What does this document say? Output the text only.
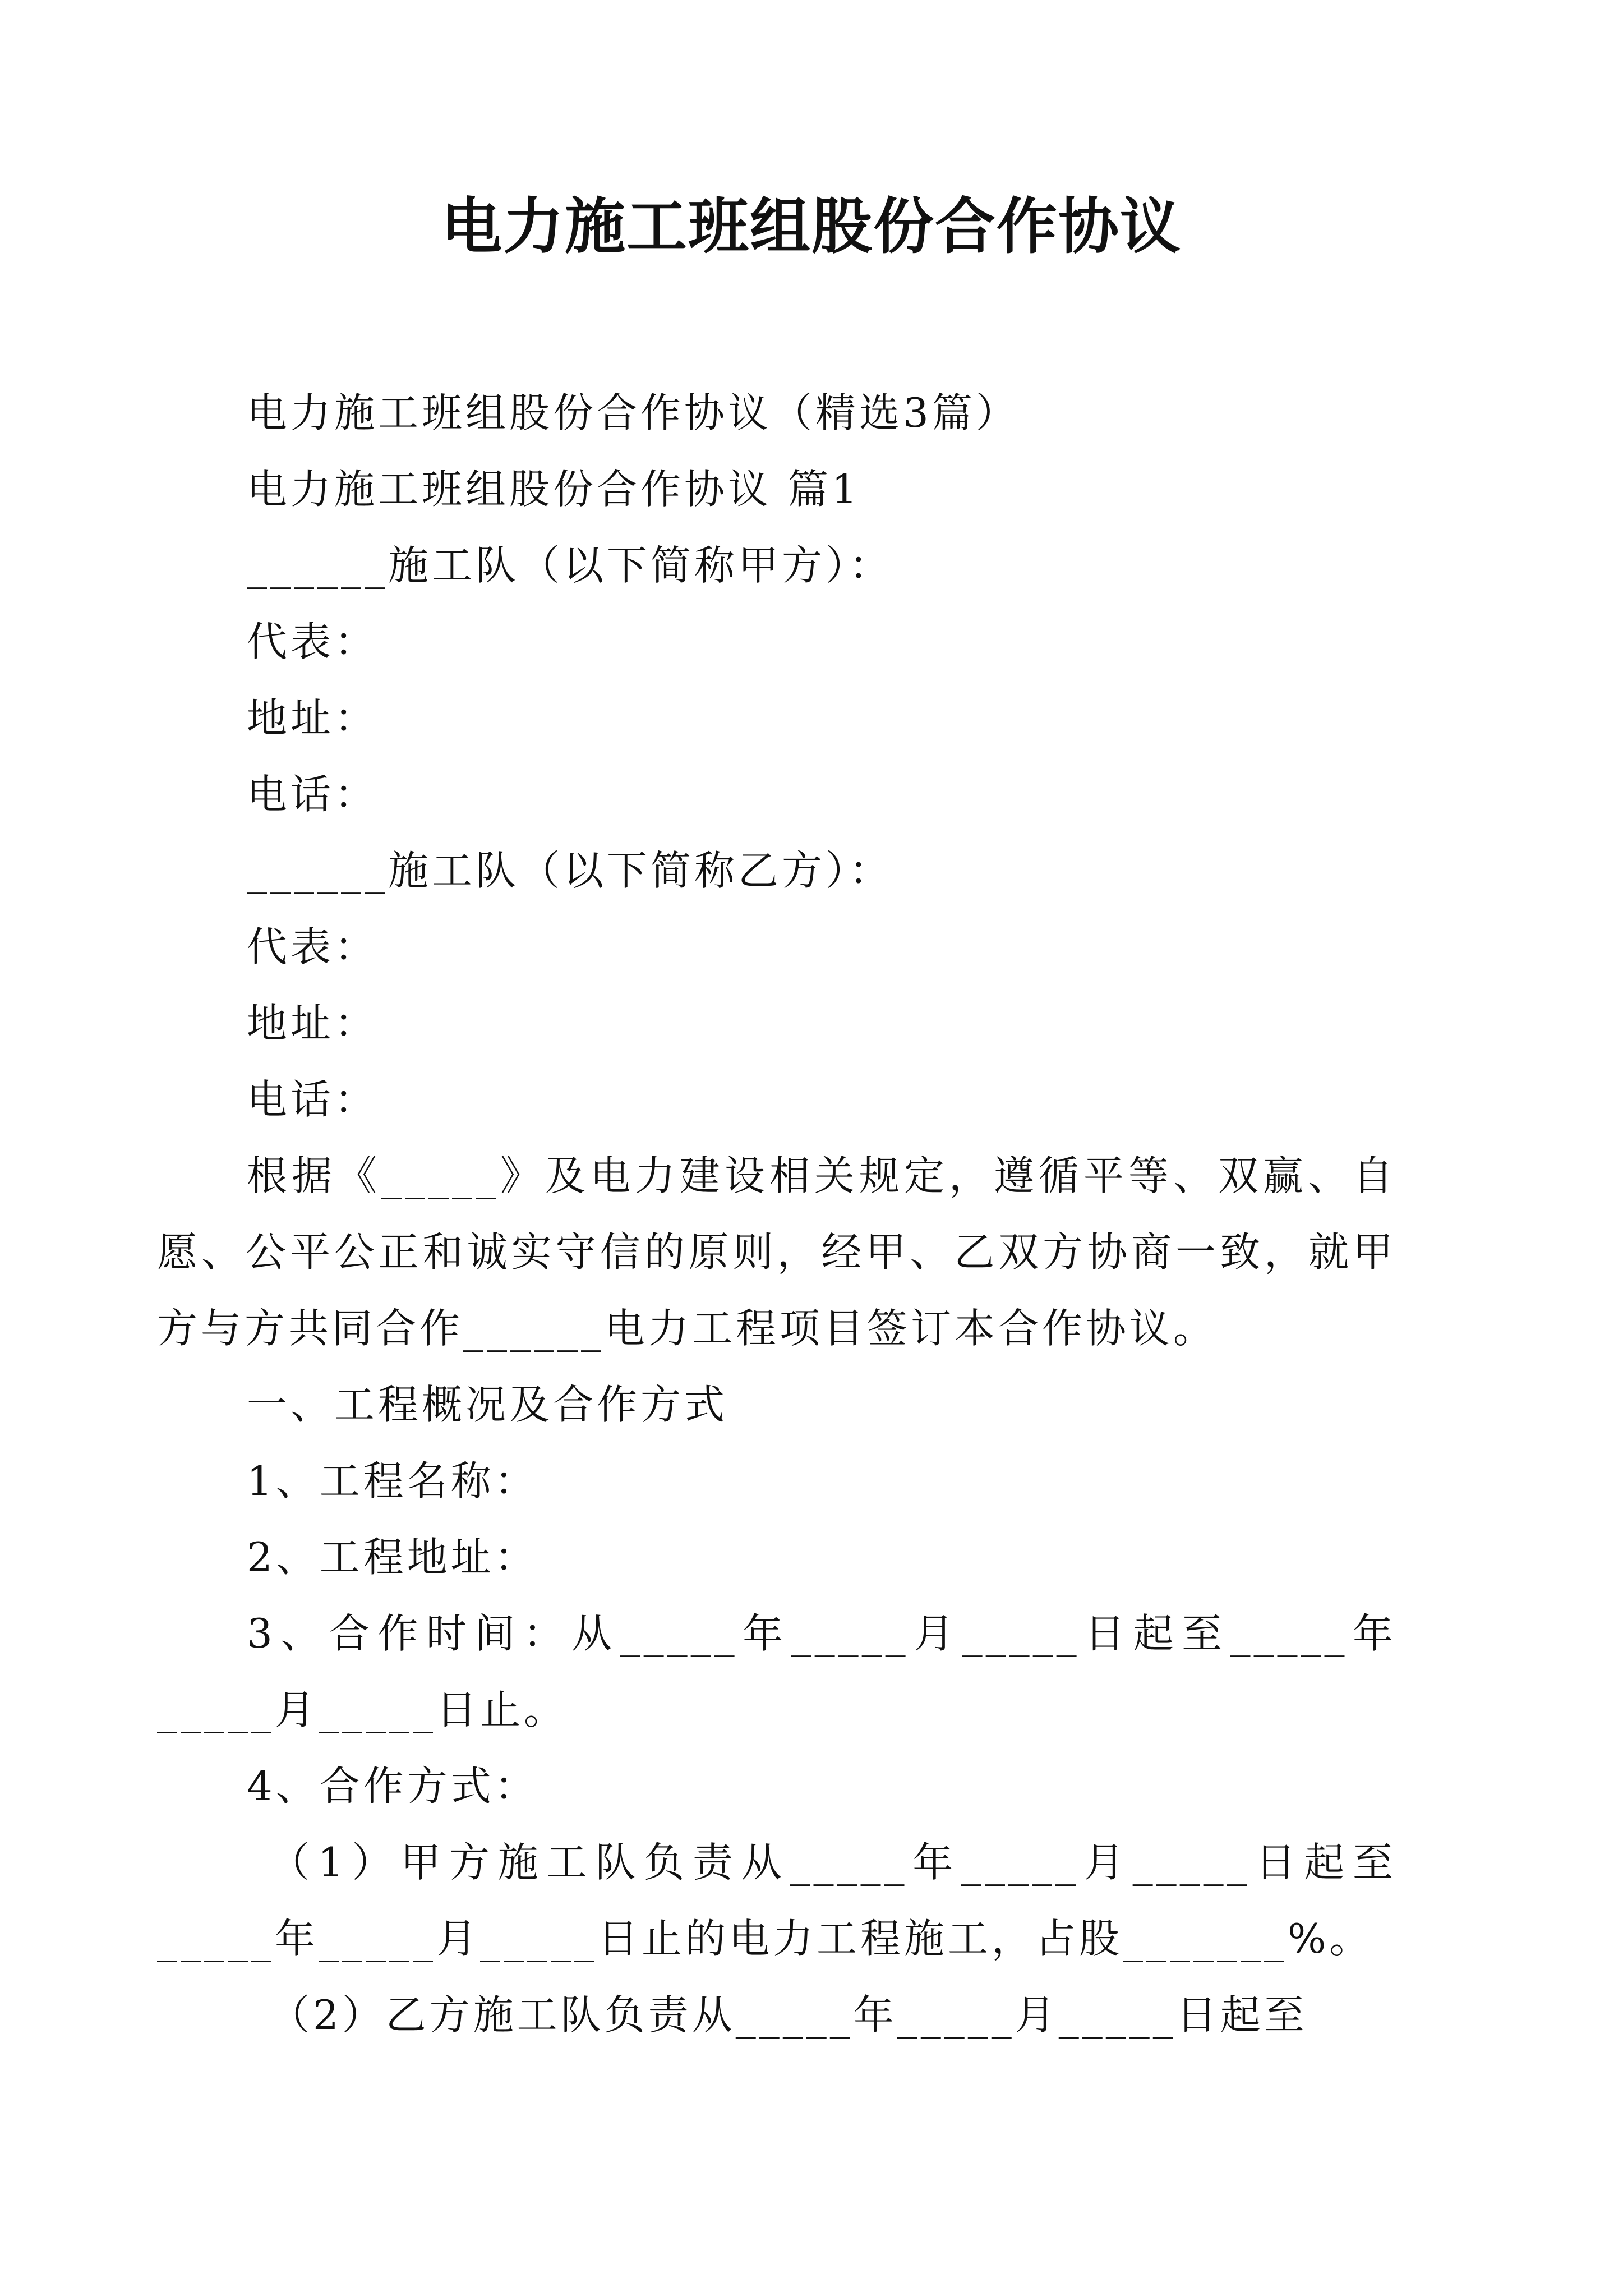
电力施工班组股份合作协议

电力施工班组股份合作协议（精选3篇）

电力施工班组股份合作协议 篇1

______施工队（以下简称甲方）：

代表：

地址：

电话：

______施工队（以下简称乙方）：

代表：

地址：

电话：

根据《_____》及电力建设相关规定，遵循平等、双赢、自愿、公平公正和诚实守信的原则，经甲、乙双方协商一致，就甲方与方共同合作______电力工程项目签订本合作协议。

一、工程概况及合作方式

1、工程名称：

2、工程地址：

3、合作时间：从_____年_____月_____日起至_____年_____月_____日止。

4、合作方式：

（1）甲方施工队负责从_____年_____月_____日起至_____年_____月_____日止的电力工程施工，占股_______%。

（2）乙方施工队负责从_____年_____月_____日起至
